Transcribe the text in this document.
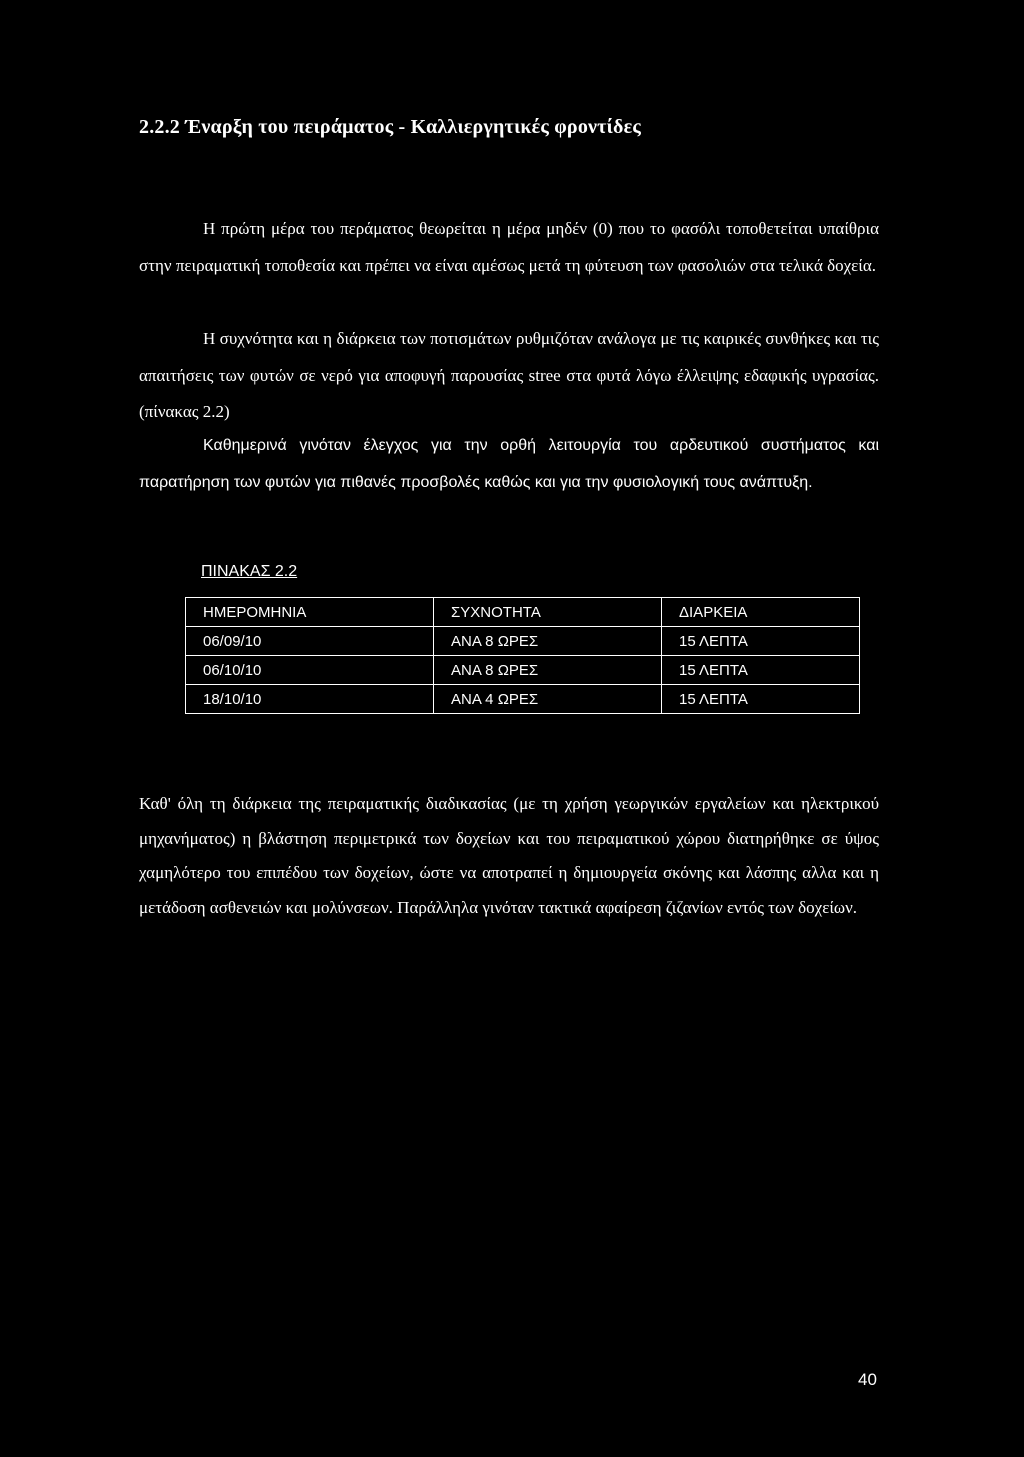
2.2.2 Έναρξη του πειράματος - Καλλιεργητικές φροντίδες

Η πρώτη μέρα του περάματος θεωρείται η μέρα μηδέν (0) που το φασόλι τοποθετείται υπαίθρια στην πειραματική τοποθεσία και πρέπει να είναι αμέσως μετά τη φύτευση των φασολιών στα τελικά δοχεία.

Η συχνότητα και η διάρκεια των ποτισμάτων ρυθμιζόταν ανάλογα με τις καιρικές συνθήκες και τις απαιτήσεις των φυτών σε νερό για αποφυγή παρουσίας stree στα φυτά λόγω έλλειψης εδαφικής υγρασίας. (πίνακας 2.2)

Καθημερινά γινόταν έλεγχος για την ορθή λειτουργία του αρδευτικού συστήματος και παρατήρηση των φυτών για πιθανές προσβολές καθώς και για την φυσιολογική τους ανάπτυξη.

ΠΙΝΑΚΑΣ 2.2
ΗΜΕΡΟΜΗΝΙΑ	ΣΥΧΝΟΤΗΤΑ	ΔΙΑΡΚΕΙΑ
06/09/10	ΑΝΑ 8 ΩΡΕΣ	15 ΛΕΠΤΑ
06/10/10	ΑΝΑ 8 ΩΡΕΣ	15 ΛΕΠΤΑ
18/10/10	ΑΝΑ 4 ΩΡΕΣ	15 ΛΕΠΤΑ

Καθ' όλη τη διάρκεια της πειραματικής διαδικασίας (με τη χρήση γεωργικών εργαλείων και ηλεκτρικού μηχανήματος) η βλάστηση περιμετρικά των δοχείων και του πειραματικού χώρου διατηρήθηκε σε ύψος χαμηλότερο του επιπέδου των δοχείων, ώστε να αποτραπεί η δημιουργεία σκόνης και λάσπης αλλα και η μετάδοση ασθενειών και μολύνσεων. Παράλληλα γινόταν τακτικά αφαίρεση ζιζανίων εντός των δοχείων.

40
